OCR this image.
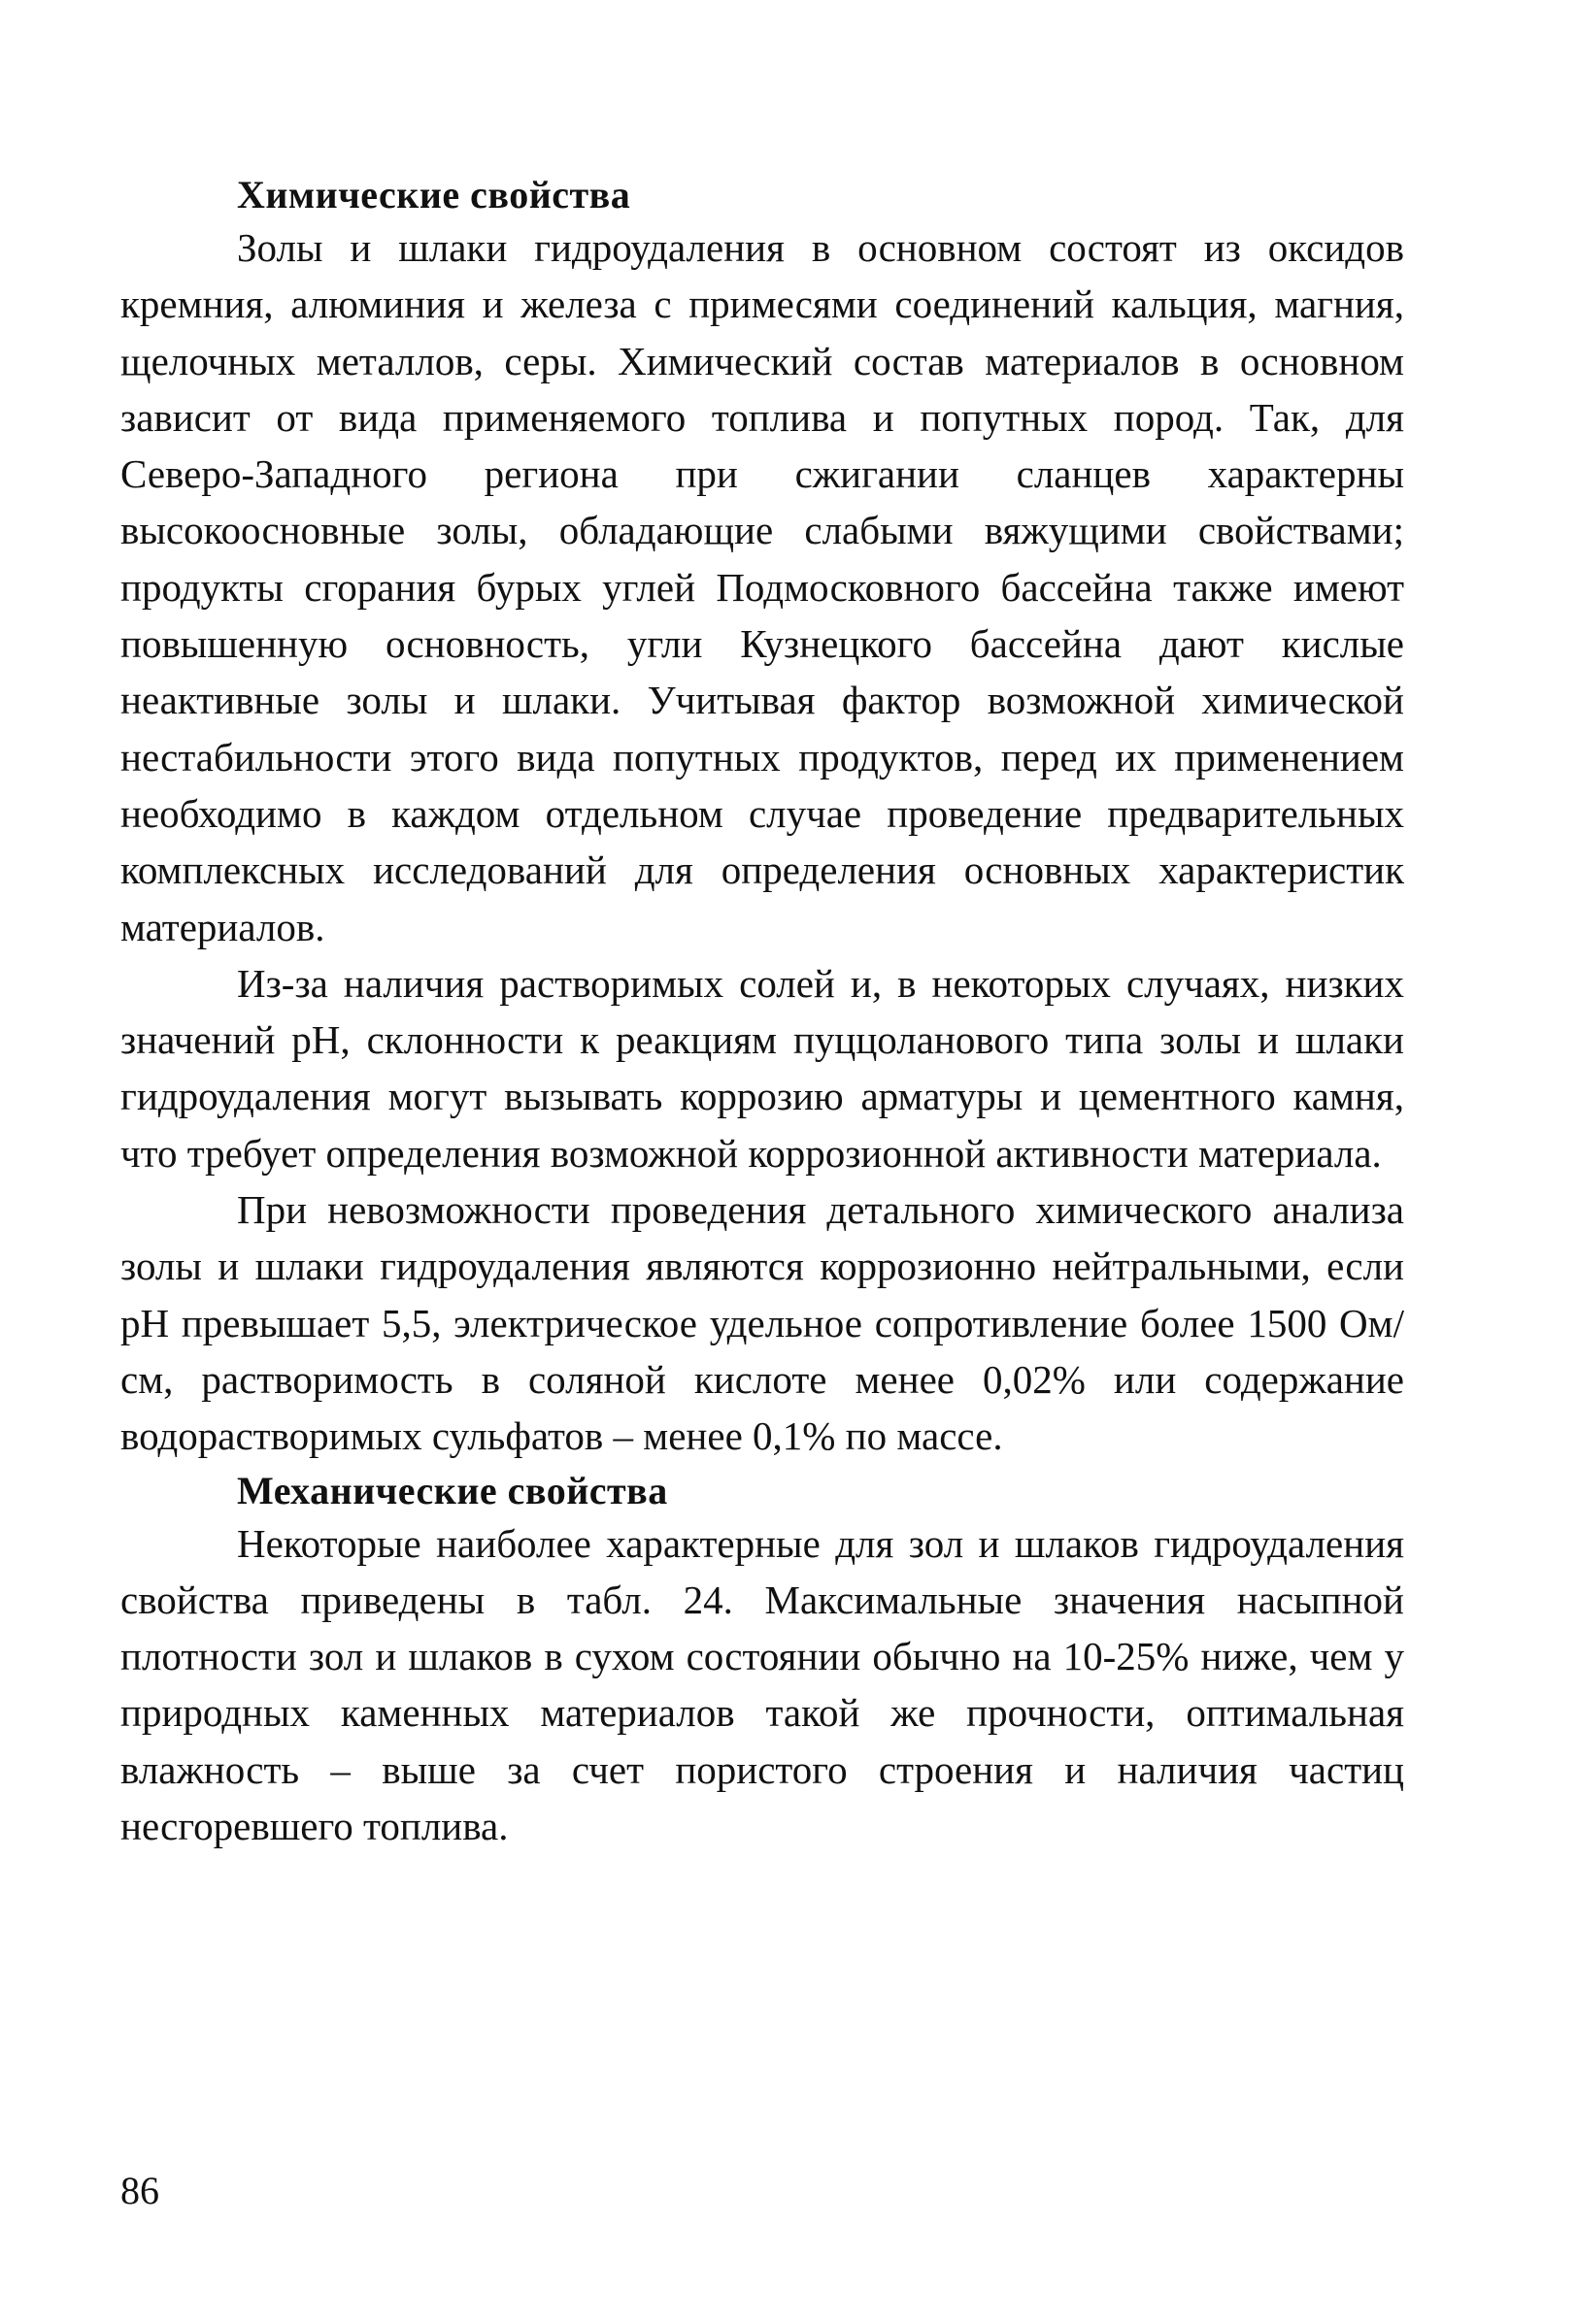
Химические свойства

Золы и шлаки гидроудаления в основном состоят из оксидов кремния, алюминия и железа с примесями соединений кальция, магния, щелочных металлов, серы. Химический состав материалов в основном зависит от вида применяемого топлива и попутных пород. Так, для Северо-Западного региона при сжигании сланцев характерны высокоосновные золы, обладающие слабыми вяжущими свойствами; продукты сгорания бурых углей Подмосковного бассейна также имеют повышенную основность, угли Кузнецкого бассейна дают кислые неактивные золы и шлаки. Учитывая фактор возможной химической нестабильности этого вида попутных продуктов, перед их применением необходимо в каждом отдельном случае проведение предварительных комплексных исследований для определения основных характеристик материалов.

Из-за наличия растворимых солей и, в некоторых случаях, низких значений pH, склонности к реакциям пуццоланового типа золы и шлаки гидроудаления могут вызывать коррозию арматуры и цементного камня, что требует определения возможной коррозионной активности материала.

При невозможности проведения детального химического анализа золы и шлаки гидроудаления являются коррозионно нейтральными, если pH превышает 5,5, электрическое удельное сопротивление более 1500 Ом/см, растворимость в соляной кислоте менее 0,02% или содержание водорастворимых сульфатов – менее 0,1% по массе.

Механические свойства

Некоторые наиболее характерные для зол и шлаков гидроудаления свойства приведены в табл. 24. Максимальные значения насыпной плотности зол и шлаков в сухом состоянии обычно на 10-25% ниже, чем у природных каменных материалов такой же прочности, оптимальная влажность – выше за счет пористого строения и наличия частиц несгоревшего топлива.

86
